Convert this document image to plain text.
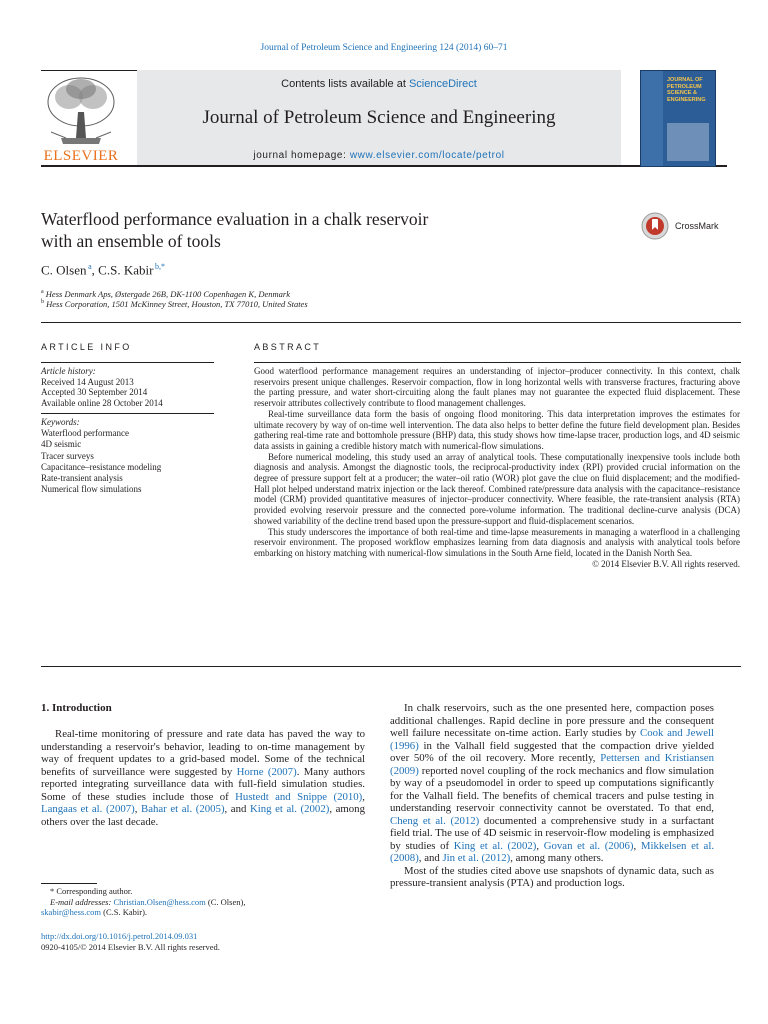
Journal of Petroleum Science and Engineering 124 (2014) 60–71
Contents lists available at ScienceDirect
Journal of Petroleum Science and Engineering
journal homepage: www.elsevier.com/locate/petrol
ELSEVIER
JOURNAL OF PETROLEUM SCIENCE & ENGINEERING
Waterflood performance evaluation in a chalk reservoir
with an ensemble of tools
CrossMark
C. Olsen  $^a$, C.S. Kabir  $^{b,*}$
$^a$ Hess Denmark Aps, Østergade 26B, DK-1100 Copenhagen K, Denmark
$^b$ Hess Corporation, 1501 McKinney Street, Houston, TX 77010, United States
ARTICLE INFO
Article history:
Received 14 August 2013
Accepted 30 September 2014
Available online 28 October 2014
Keywords:
Waterflood performance
4D seismic
Tracer surveys
Capacitance–resistance modeling
Rate-transient analysis
Numerical flow simulations
ABSTRACT

Good waterflood performance management requires an understanding of injector–producer connectivity. In this context, chalk reservoirs present unique challenges. Reservoir compaction, flow in long horizontal wells with transverse fractures, fracturing above the parting pressure, and water short-circuiting along the fault planes may not guarantee the expected fluid displacement. These reservoir attributes collectively contribute to flood management challenges.

Real-time surveillance data form the basis of ongoing flood monitoring. This data interpretation improves the estimates for ultimate recovery by way of on-time well intervention. The data also helps to better define the future field development plan. Besides gathering real-time rate and bottomhole pressure (BHP) data, this study shows how time-lapse tracer, production logs, and 4D seismic data assists in gaining a credible history match with numerical-flow simulations.

Before numerical modeling, this study used an array of analytical tools. These computationally inexpensive tools include both diagnosis and analysis. Amongst the diagnostic tools, the reciprocal-productivity index (RPI) provided crucial information on the degree of pressure support felt at a producer; the water–oil ratio (WOR) plot gave the clue on fluid displacement; and the modified-Hall plot helped understand matrix injection or the lack thereof. Combined rate/pressure data analysis with the capacitance–resistance model (CRM) provided quantitative measures of injector–producer connectivity. Where feasible, the rate-transient analysis (RTA) provided evolving reservoir pressure and the connected pore-volume information. The traditional decline-curve analysis (DCA) showed variability of the decline trend based upon the pressure-support and fluid-displacement scenarios.

This study underscores the importance of both real-time and time-lapse measurements in managing a waterflood in a challenging reservoir environment. The proposed workflow emphasizes learning from data diagnosis and analysis with analytical tools before embarking on history matching with numerical-flow simulations in the South Arne field, located in the Danish North Sea.

© 2014 Elsevier B.V. All rights reserved.

1. Introduction

Real-time monitoring of pressure and rate data has paved the way to understanding a reservoir's behavior, leading to on-time management by way of frequent updates to a grid-based model. Some of the technical benefits of surveillance were suggested by Horne (2007). Many authors reported integrating surveillance data with full-field simulation studies. Some of these studies include those of Hustedt and Snippe (2010), Langaas et al. (2007), Bahar et al. (2005), and King et al. (2002), among others over the last decade.

In chalk reservoirs, such as the one presented here, compaction poses additional challenges. Rapid decline in pore pressure and the consequent well failure necessitate on-time action. Early studies by Cook and Jewell (1996) in the Valhall field suggested that the compaction drive yielded over 50% of the oil recovery. More recently, Pettersen and Kristiansen (2009) reported novel coupling of the rock mechanics and flow simulation by way of a pseudomodel in order to speed up computations significantly for the Valhall field. The benefits of chemical tracers and pulse testing in understanding reservoir connectivity cannot be overstated. To that end, Cheng et al. (2012) documented a comprehensive study in a surfactant field trial. The use of 4D seismic in reservoir-flow modeling is emphasized by studies of King et al. (2002), Govan et al. (2006), Mikkelsen et al. (2008), and Jin et al. (2012), among many others.

Most of the studies cited above use snapshots of dynamic data, such as pressure-transient analysis (PTA) and production logs.

* Corresponding author.
E-mail addresses: Christian.Olsen@hess.com (C. Olsen),
skabir@hess.com (C.S. Kabir).
http://dx.doi.org/10.1016/j.petrol.2014.09.031
0920-4105/© 2014 Elsevier B.V. All rights reserved.
